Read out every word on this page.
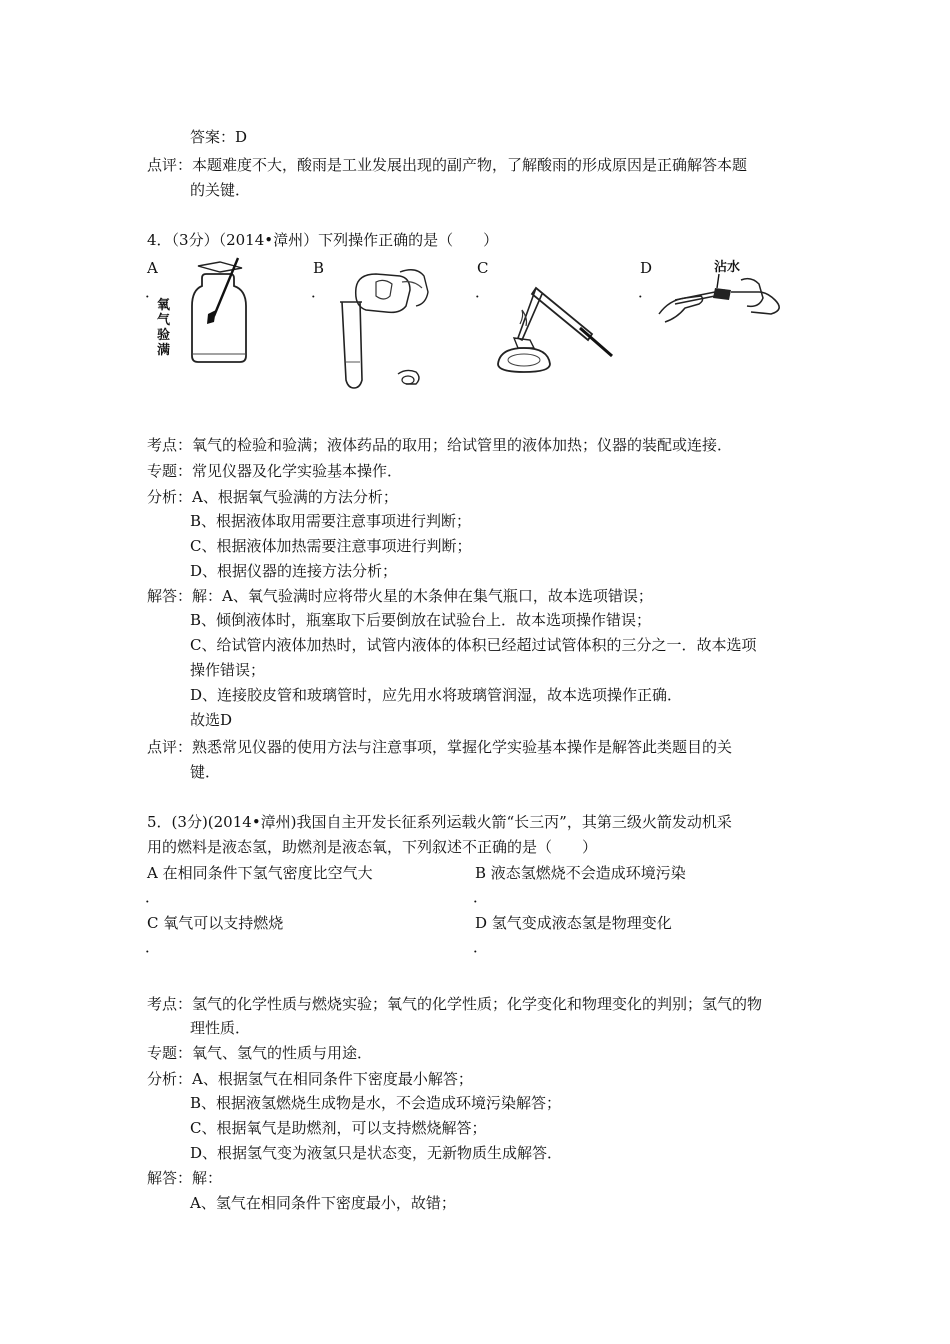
答案：D
点评：本题难度不大，酸雨是工业发展出现的副产物，了解酸雨的形成原因是正确解答本题
的关键．
4．（3分）（2014•漳州）下列操作正确的是（　　）
A
．
B
．
C
．
D
．
氧
气
验
满
沾水
考点：氧气的检验和验满；液体药品的取用；给试管里的液体加热；仪器的装配或连接．
专题：常见仪器及化学实验基本操作．
分析：A、根据氧气验满的方法分析；
B、根据液体取用需要注意事项进行判断；
C、根据液体加热需要注意事项进行判断；
D、根据仪器的连接方法分析；
解答：解：A、氧气验满时应将带火星的木条伸在集气瓶口，故本选项错误；
B、倾倒液体时，瓶塞取下后要倒放在试验台上．故本选项操作错误；
C、给试管内液体加热时，试管内液体的体积已经超过试管体积的三分之一．故本选项
操作错误；
D、连接胶皮管和玻璃管时，应先用水将玻璃管润湿，故本选项操作正确．
故选D
点评：熟悉常见仪器的使用方法与注意事项，掌握化学实验基本操作是解答此类题目的关
键．
5．(3分)(2014•漳州)我国自主开发长征系列运载火箭“长三丙”，其第三级火箭发动机采
用的燃料是液态氢，助燃剂是液态氧，下列叙述不正确的是（　　）
A 在相同条件下氢气密度比空气大
．
B 液态氢燃烧不会造成环境污染
．
C 氧气可以支持燃烧
．
D 氢气变成液态氢是物理变化
．
考点：氢气的化学性质与燃烧实验；氧气的化学性质；化学变化和物理变化的判别；氢气的物
理性质．
专题：氧气、氢气的性质与用途．
分析：A、根据氢气在相同条件下密度最小解答；
B、根据液氢燃烧生成物是水，不会造成环境污染解答；
C、根据氧气是助燃剂，可以支持燃烧解答；
D、根据氢气变为液氢只是状态变，无新物质生成解答．
解答：解：
A、氢气在相同条件下密度最小，故错；
